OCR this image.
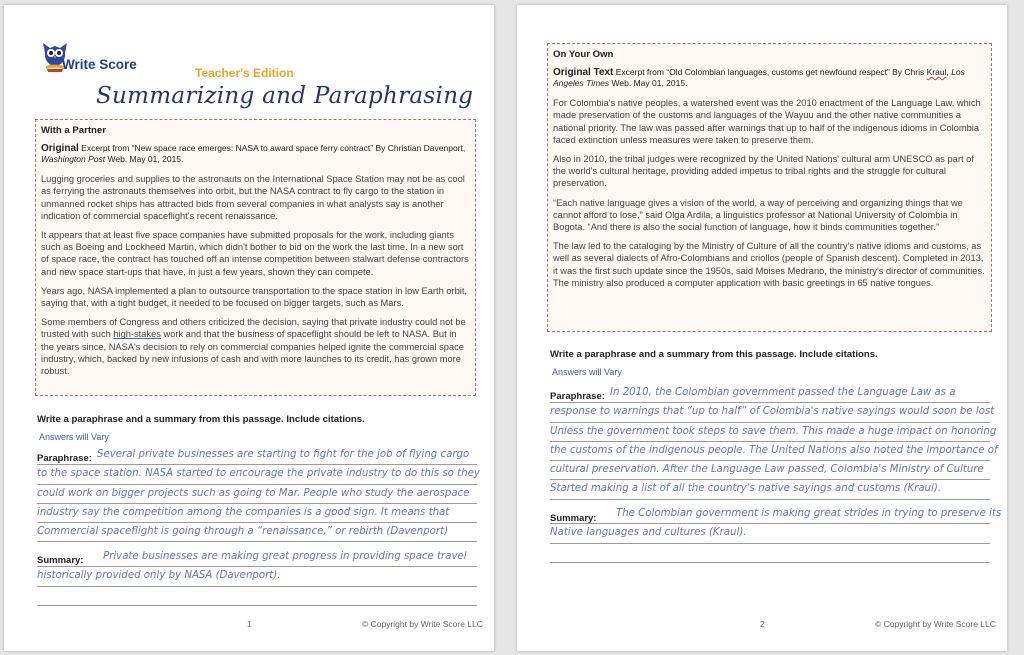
Write Score
Teacher's Edition
Summarizing and Paraphrasing
With a Partner
Original Excerpt from “New space race emerges: NASA to award space ferry contract” By Christian Davenport, Washington Post Web. May 01, 2015.

Lugging groceries and supplies to the astronauts on the International Space Station may not be as cool as ferrying the astronauts themselves into orbit, but the NASA contract to fly cargo to the station in unmanned rocket ships has attracted bids from several companies in what analysts say is another indication of commercial spaceflight's recent renaissance.

It appears that at least five space companies have submitted proposals for the work, including giants such as Boeing and Lockheed Martin, which didn't bother to bid on the work the last time. In a new sort of space race, the contract has touched off an intense competition between stalwart defense contractors and new space start-ups that have, in just a few years, shown they can compete.

Years ago, NASA implemented a plan to outsource transportation to the space station in low Earth orbit, saying that, with a tight budget, it needed to be focused on bigger targets, such as Mars.

Some members of Congress and others criticized the decision, saying that private industry could not be trusted with such high-stakes work and that the business of spaceflight should be left to NASA. But in the years since, NASA's decision to rely on commercial companies helped ignite the commercial space industry, which, backed by new infusions of cash and with more launches to its credit, has grown more robust.

Write a paraphrase and a summary from this passage. Include citations.
Answers will Vary
Paraphrase: Several private businesses are starting to fight for the job of flying cargo
to the space station. NASA started to encourage the private industry to do this so they
could work on bigger projects such as going to Mar. People who study the aerospace
industry say the competition among the companies is a good sign. It means that
Commercial spaceflight is going through a “renaissance,” or rebirth (Davenport)
Summary:	Private businesses are making great progress in providing space travel
historically provided only by NASA (Davenport).
1	© Copyright by Write Score LLC
On Your Own
Original Text Excerpt from “Old Colombian languages, customs get newfound respect” By Chris Kraul, Los Angeles Times Web. May 01, 2015.

For Colombia's native peoples, a watershed event was the 2010 enactment of the Language Law, which made preservation of the customs and languages of the Wayuu and the other native communities a national priority. The law was passed after warnings that up to half of the indigenous idioms in Colombia faced extinction unless measures were taken to preserve them.

Also in 2010, the tribal judges were recognized by the United Nations' cultural arm UNESCO as part of the world's cultural heritage, providing added impetus to tribal rights and the struggle for cultural preservation.

“Each native language gives a vision of the world, a way of perceiving and organizing things that we cannot afford to lose,” said Olga Ardila, a linguistics professor at National University of Colombia in Bogota. “And there is also the social function of language, how it binds communities together.”

The law led to the cataloging by the Ministry of Culture of all the country's native idioms and customs, as well as several dialects of Afro-Colombians and criollos (people of Spanish descent). Completed in 2013, it was the first such update since the 1950s, said Moises Medrano, the ministry's director of communities. The ministry also produced a computer application with basic greetings in 65 native tongues.

Write a paraphrase and a summary from this passage. Include citations.
Answers will Vary
Paraphrase: In 2010, the Colombian government passed the Language Law as a
response to warnings that “up to half” of Colombia's native sayings would soon be lost
Unless the government took steps to save them. This made a huge impact on honoring
the customs of the indigenous people. The United Nations also noted the importance of
cultural preservation. After the Language Law passed, Colombia's Ministry of Culture
Started making a list of all the country's native sayings and customs (Kraul).
Summary:	The Colombian government is making great strides in trying to preserve its
Native languages and cultures (Kraul).
2	© Copyright by Write Score LLC
